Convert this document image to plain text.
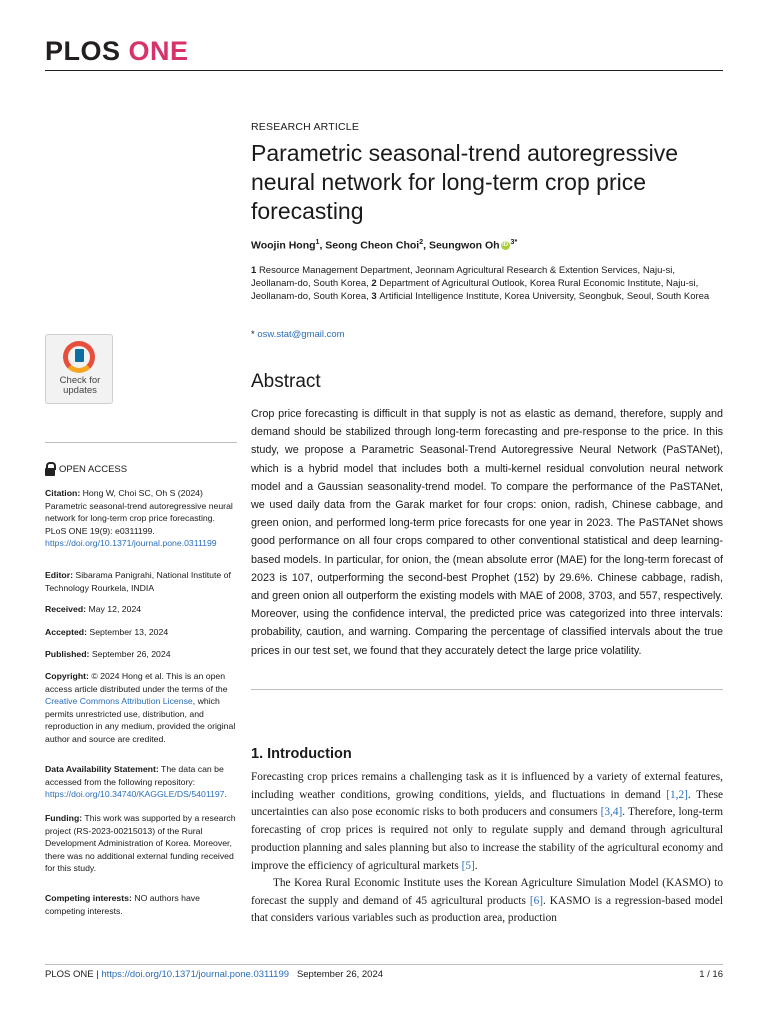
PLOS ONE
RESEARCH ARTICLE
Parametric seasonal-trend autoregressive neural network for long-term crop price forecasting
Woojin Hong$^1$, Seong Cheon Choi$^2$, Seungwon Oh iD $^{3*}$
1 Resource Management Department, Jeonnam Agricultural Research & Extention Services, Naju-si, Jeollanam-do, South Korea, 2 Department of Agricultural Outlook, Korea Rural Economic Institute, Naju-si, Jeollanam-do, South Korea, 3 Artificial Intelligence Institute, Korea University, Seongbuk, Seoul, South Korea
* osw.stat@gmail.com
Check for
updates
OPEN ACCESS
Citation: Hong W, Choi SC, Oh S (2024) Parametric seasonal-trend autoregressive neural network for long-term crop price forecasting. PLoS ONE 19(9): e0311199. https://doi.org/10.1371/journal.pone.0311199
Editor: Sibarama Panigrahi, National Institute of Technology Rourkela, INDIA
Received: May 12, 2024
Accepted: September 13, 2024
Published: September 26, 2024
Copyright: © 2024 Hong et al. This is an open access article distributed under the terms of the Creative Commons Attribution License, which permits unrestricted use, distribution, and reproduction in any medium, provided the original author and source are credited.
Data Availability Statement: The data can be accessed from the following repository: https://doi.org/10.34740/KAGGLE/DS/5401197.
Funding: This work was supported by a research project (RS-2023-00215013) of the Rural Development Administration of Korea. Moreover, there was no additional external funding received for this study.
Competing interests: NO authors have competing interests.
Abstract
Crop price forecasting is difficult in that supply is not as elastic as demand, therefore, supply and demand should be stabilized through long-term forecasting and pre-response to the price. In this study, we propose a Parametric Seasonal-Trend Autoregressive Neural Network (PaSTANet), which is a hybrid model that includes both a multi-kernel residual convolution neural network model and a Gaussian seasonality-trend model. To compare the performance of the PaSTANet, we used daily data from the Garak market for four crops: onion, radish, Chinese cabbage, and green onion, and performed long-term price forecasts for one year in 2023. The PaSTANet shows good performance on all four crops compared to other conventional statistical and deep learning-based models. In particular, for onion, the (mean absolute error (MAE) for the long-term forecast of 2023 is 107, outperforming the second-best Prophet (152) by 29.6%. Chinese cabbage, radish, and green onion all outperform the existing models with MAE of 2008, 3703, and 557, respectively. Moreover, using the confidence interval, the predicted price was categorized into three intervals: probability, caution, and warning. Comparing the percentage of classified intervals about the true prices in our test set, we found that they accurately detect the large price volatility.
1. Introduction
Forecasting crop prices remains a challenging task as it is influenced by a variety of external features, including weather conditions, growing conditions, yields, and fluctuations in demand [1,2]. These uncertainties can also pose economic risks to both producers and consumers [3,4]. Therefore, long-term forecasting of crop prices is required not only to regulate supply and demand through agricultural production planning and sales planning but also to increase the stability of the agricultural economy and improve the efficiency of agricultural markets [5].
The Korea Rural Economic Institute uses the Korean Agriculture Simulation Model (KASMO) to forecast the supply and demand of 45 agricultural products [6]. KASMO is a regression-based model that considers various variables such as production area, production
PLOS ONE | https://doi.org/10.1371/journal.pone.0311199 September 26, 2024	1 / 16
